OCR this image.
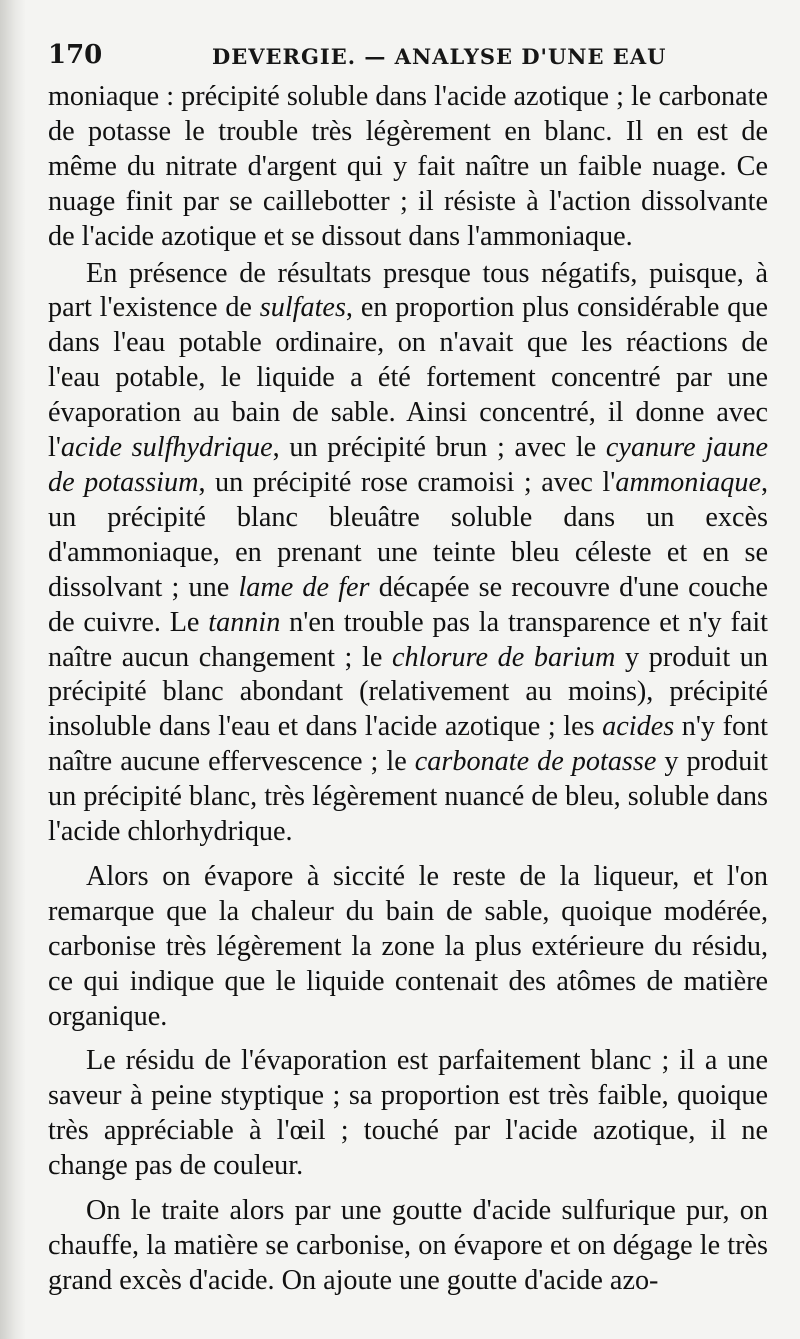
170	DEVERGIE. — ANALYSE D'UNE EAU

moniaque : précipité soluble dans l'acide azotique ; le carbonate de potasse le trouble très légèrement en blanc. Il en est de même du nitrate d'argent qui y fait naître un faible nuage. Ce nuage finit par se caillebotter ; il résiste à l'action dissolvante de l'acide azotique et se dissout dans l'ammoniaque.

En présence de résultats presque tous négatifs, puisque, à part l'existence de sulfates, en proportion plus considérable que dans l'eau potable ordinaire, on n'avait que les réactions de l'eau potable, le liquide a été fortement concentré par une évaporation au bain de sable. Ainsi concentré, il donne avec l'acide sulfhydrique, un précipité brun ; avec le cyanure jaune de potassium, un précipité rose cramoisi ; avec l'ammoniaque, un précipité blanc bleuâtre soluble dans un excès d'ammoniaque, en prenant une teinte bleu céleste et en se dissolvant ; une lame de fer décapée se recouvre d'une couche de cuivre. Le tannin n'en trouble pas la transparence et n'y fait naître aucun changement ; le chlorure de barium y produit un précipité blanc abondant (relativement au moins), précipité insoluble dans l'eau et dans l'acide azotique ; les acides n'y font naître aucune effervescence ; le carbonate de potasse y produit un précipité blanc, très légèrement nuancé de bleu, soluble dans l'acide chlorhydrique.

Alors on évapore à siccité le reste de la liqueur, et l'on remarque que la chaleur du bain de sable, quoique modérée, carbonise très légèrement la zone la plus extérieure du résidu, ce qui indique que le liquide contenait des atômes de matière organique.

Le résidu de l'évaporation est parfaitement blanc ; il a une saveur à peine styptique ; sa proportion est très faible, quoique très appréciable à l'œil ; touché par l'acide azotique, il ne change pas de couleur.

On le traite alors par une goutte d'acide sulfurique pur, on chauffe, la matière se carbonise, on évapore et on dégage le très grand excès d'acide. On ajoute une goutte d'acide azo-
